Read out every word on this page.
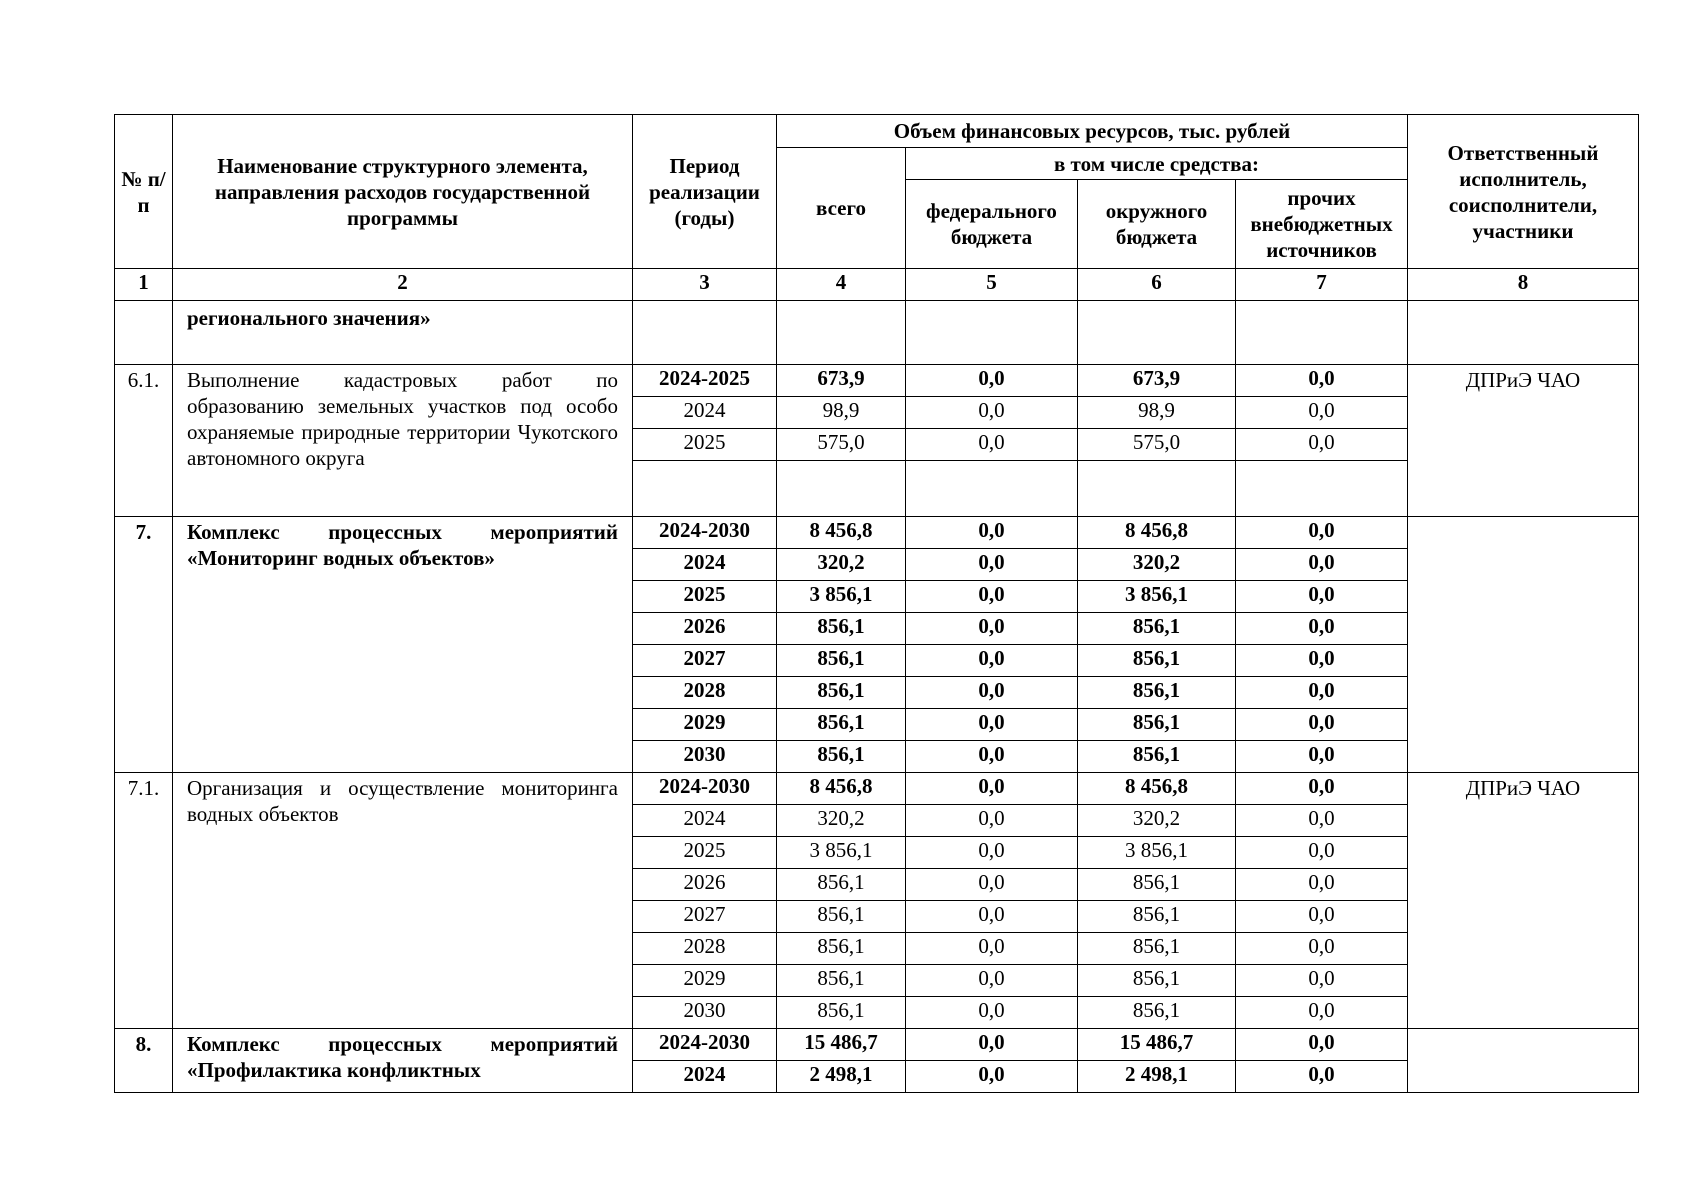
№ п/п	Наименование структурного элемента, направления расходов государственной программы	Период реализации (годы)	Объем финансовых ресурсов, тыс. рублей				Ответственный исполнитель, соисполнители, участники
			всего	в том числе средства:			
				федерального бюджета	окружного бюджета	прочих внебюджетных источников	
1	2	3	4	5	6	7	8
	регионального значения»						
6.1.	Выполнение кадастровых работ по образованию земельных участков под особо охраняемые природные территории Чукотского автономного округа	2024-2025	673,9	0,0	673,9	0,0	ДПРиЭ ЧАО
		2024	98,9	0,0	98,9	0,0	
		2025	575,0	0,0	575,0	0,0	

7.	Комплекс процессных мероприятий «Мониторинг водных объектов»	2024-2030	8 456,8	0,0	8 456,8	0,0	
		2024	320,2	0,0	320,2	0,0	
		2025	3 856,1	0,0	3 856,1	0,0	
		2026	856,1	0,0	856,1	0,0	
		2027	856,1	0,0	856,1	0,0	
		2028	856,1	0,0	856,1	0,0	
		2029	856,1	0,0	856,1	0,0	
		2030	856,1	0,0	856,1	0,0	
7.1.	Организация и осуществление мониторинга водных объектов	2024-2030	8 456,8	0,0	8 456,8	0,0	ДПРиЭ ЧАО
		2024	320,2	0,0	320,2	0,0	
		2025	3 856,1	0,0	3 856,1	0,0	
		2026	856,1	0,0	856,1	0,0	
		2027	856,1	0,0	856,1	0,0	
		2028	856,1	0,0	856,1	0,0	
		2029	856,1	0,0	856,1	0,0	
		2030	856,1	0,0	856,1	0,0	
8.	Комплекс процессных мероприятий «Профилактика конфликтных	2024-2030	15 486,7	0,0	15 486,7	0,0	
		2024	2 498,1	0,0	2 498,1	0,0	
